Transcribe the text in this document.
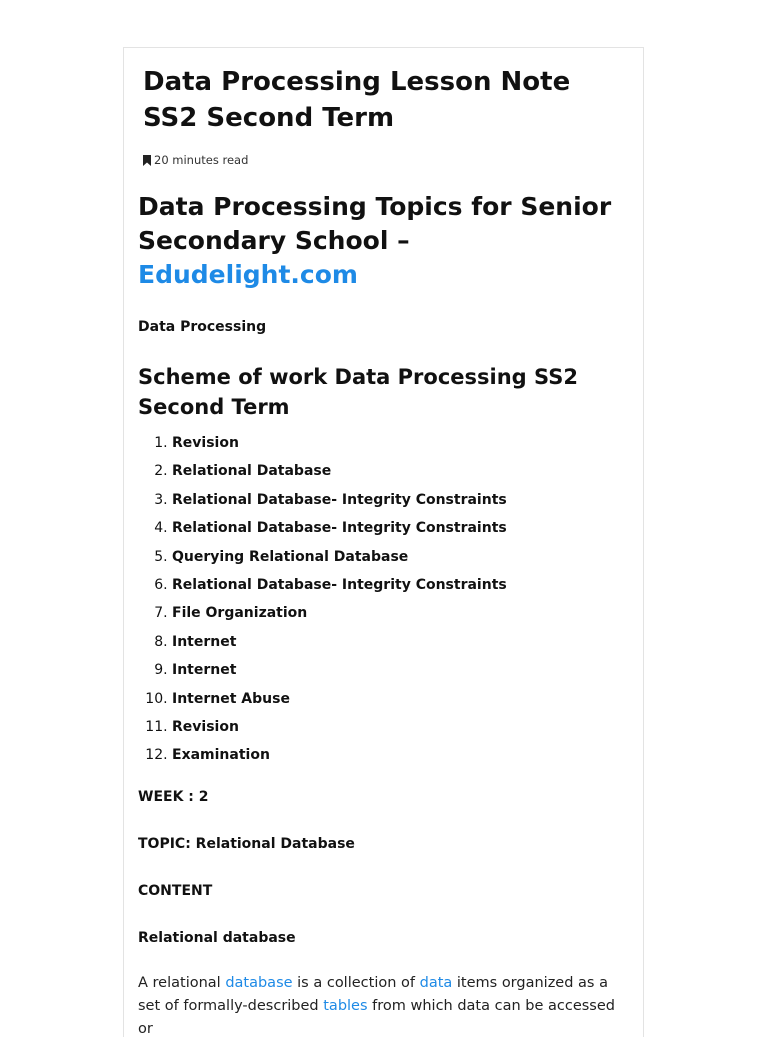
Data Processing Lesson Note SS2 Second Term
20 minutes read
Data Processing Topics for Senior Secondary School – Edudelight.com

Data Processing

Scheme of work Data Processing SS2 Second Term
1. Revision
2. Relational Database
3. Relational Database- Integrity Constraints
4. Relational Database- Integrity Constraints
5. Querying Relational Database
6. Relational Database- Integrity Constraints
7. File Organization
8. Internet
9. Internet
10. Internet Abuse
11. Revision
12. Examination

WEEK : 2

TOPIC: Relational Database

CONTENT

Relational database

A relational database is a collection of data items organized as a set of formally-described tables from which data can be accessed or
